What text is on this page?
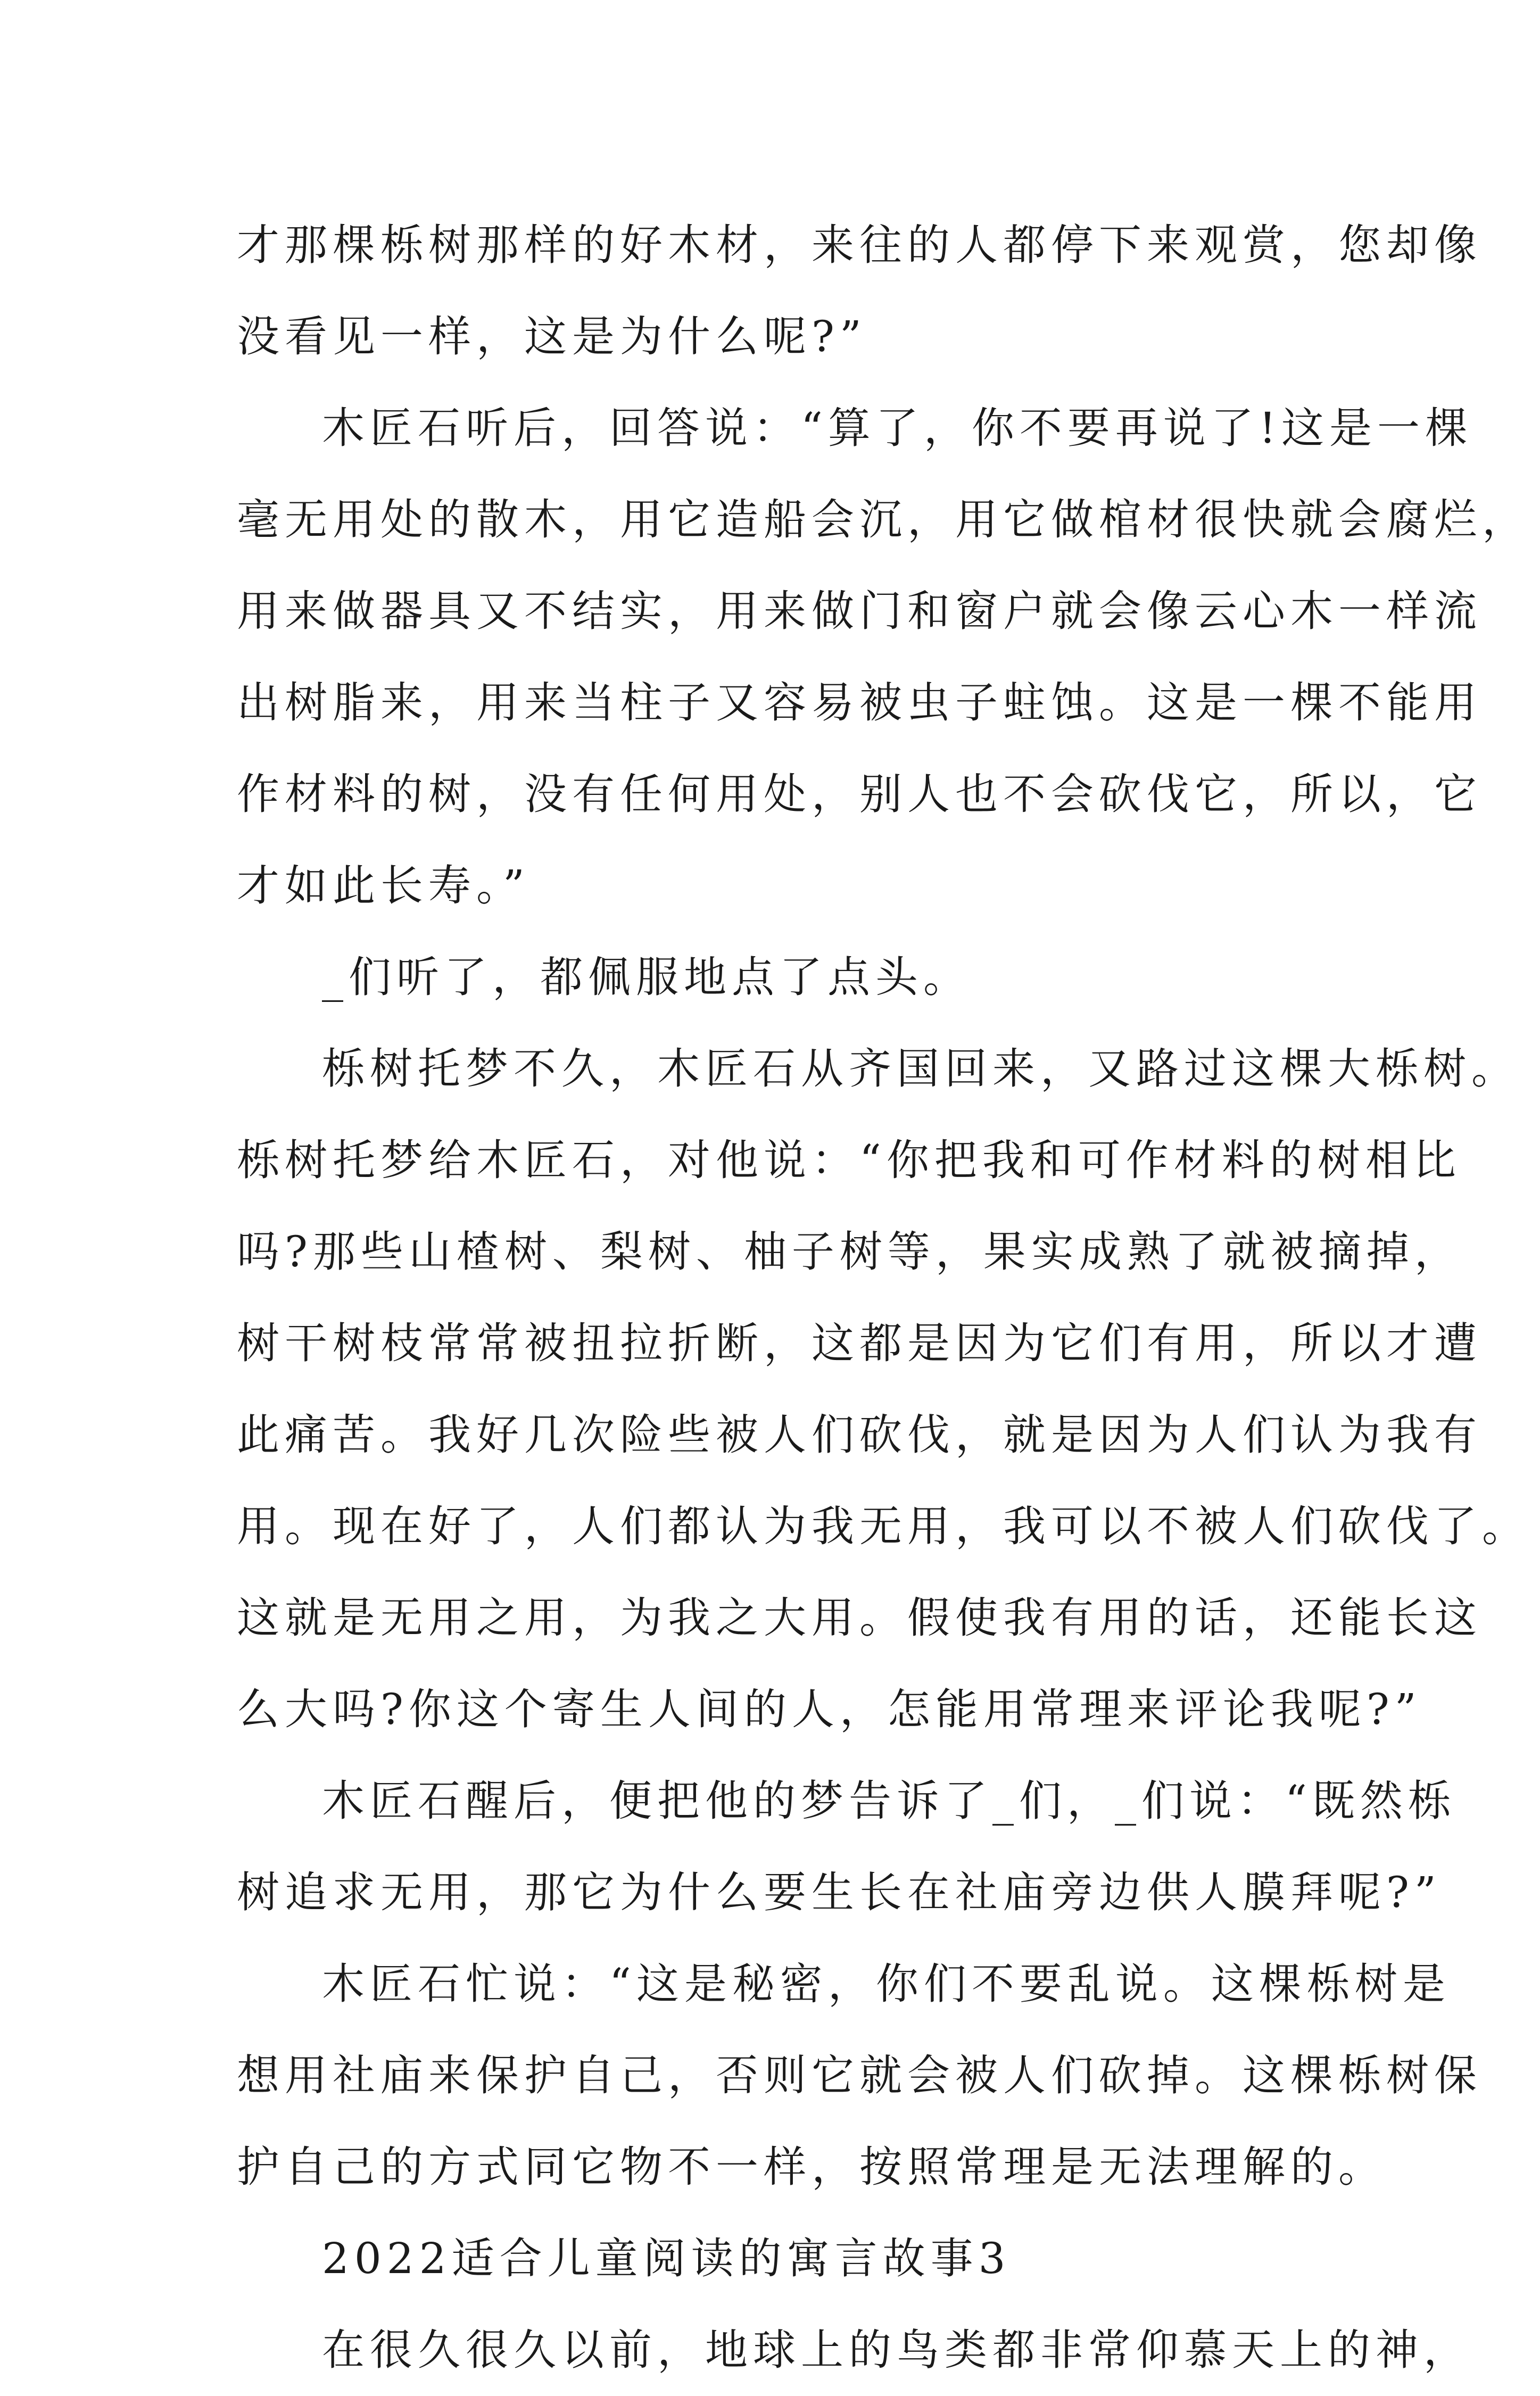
才那棵栎树那样的好木材，来往的人都停下来观赏，您却像
没看见一样，这是为什么呢?”
木匠石听后，回答说：“算了，你不要再说了!这是一棵
毫无用处的散木，用它造船会沉，用它做棺材很快就会腐烂，
用来做器具又不结实，用来做门和窗户就会像云心木一样流
出树脂来，用来当柱子又容易被虫子蛀蚀。这是一棵不能用
作材料的树，没有任何用处，别人也不会砍伐它，所以，它
才如此长寿。”
_们听了，都佩服地点了点头。
栎树托梦不久，木匠石从齐国回来，又路过这棵大栎树。
栎树托梦给木匠石，对他说：“你把我和可作材料的树相比
吗?那些山楂树、梨树、柚子树等，果实成熟了就被摘掉，
树干树枝常常被扭拉折断，这都是因为它们有用，所以才遭
此痛苦。我好几次险些被人们砍伐，就是因为人们认为我有
用。现在好了，人们都认为我无用，我可以不被人们砍伐了。
这就是无用之用，为我之大用。假使我有用的话，还能长这
么大吗?你这个寄生人间的人，怎能用常理来评论我呢?”
木匠石醒后，便把他的梦告诉了_们，_们说：“既然栎
树追求无用，那它为什么要生长在社庙旁边供人膜拜呢?”
木匠石忙说：“这是秘密，你们不要乱说。这棵栎树是
想用社庙来保护自己，否则它就会被人们砍掉。这棵栎树保
护自己的方式同它物不一样，按照常理是无法理解的。
2022适合儿童阅读的寓言故事3
在很久很久以前，地球上的鸟类都非常仰慕天上的神，
